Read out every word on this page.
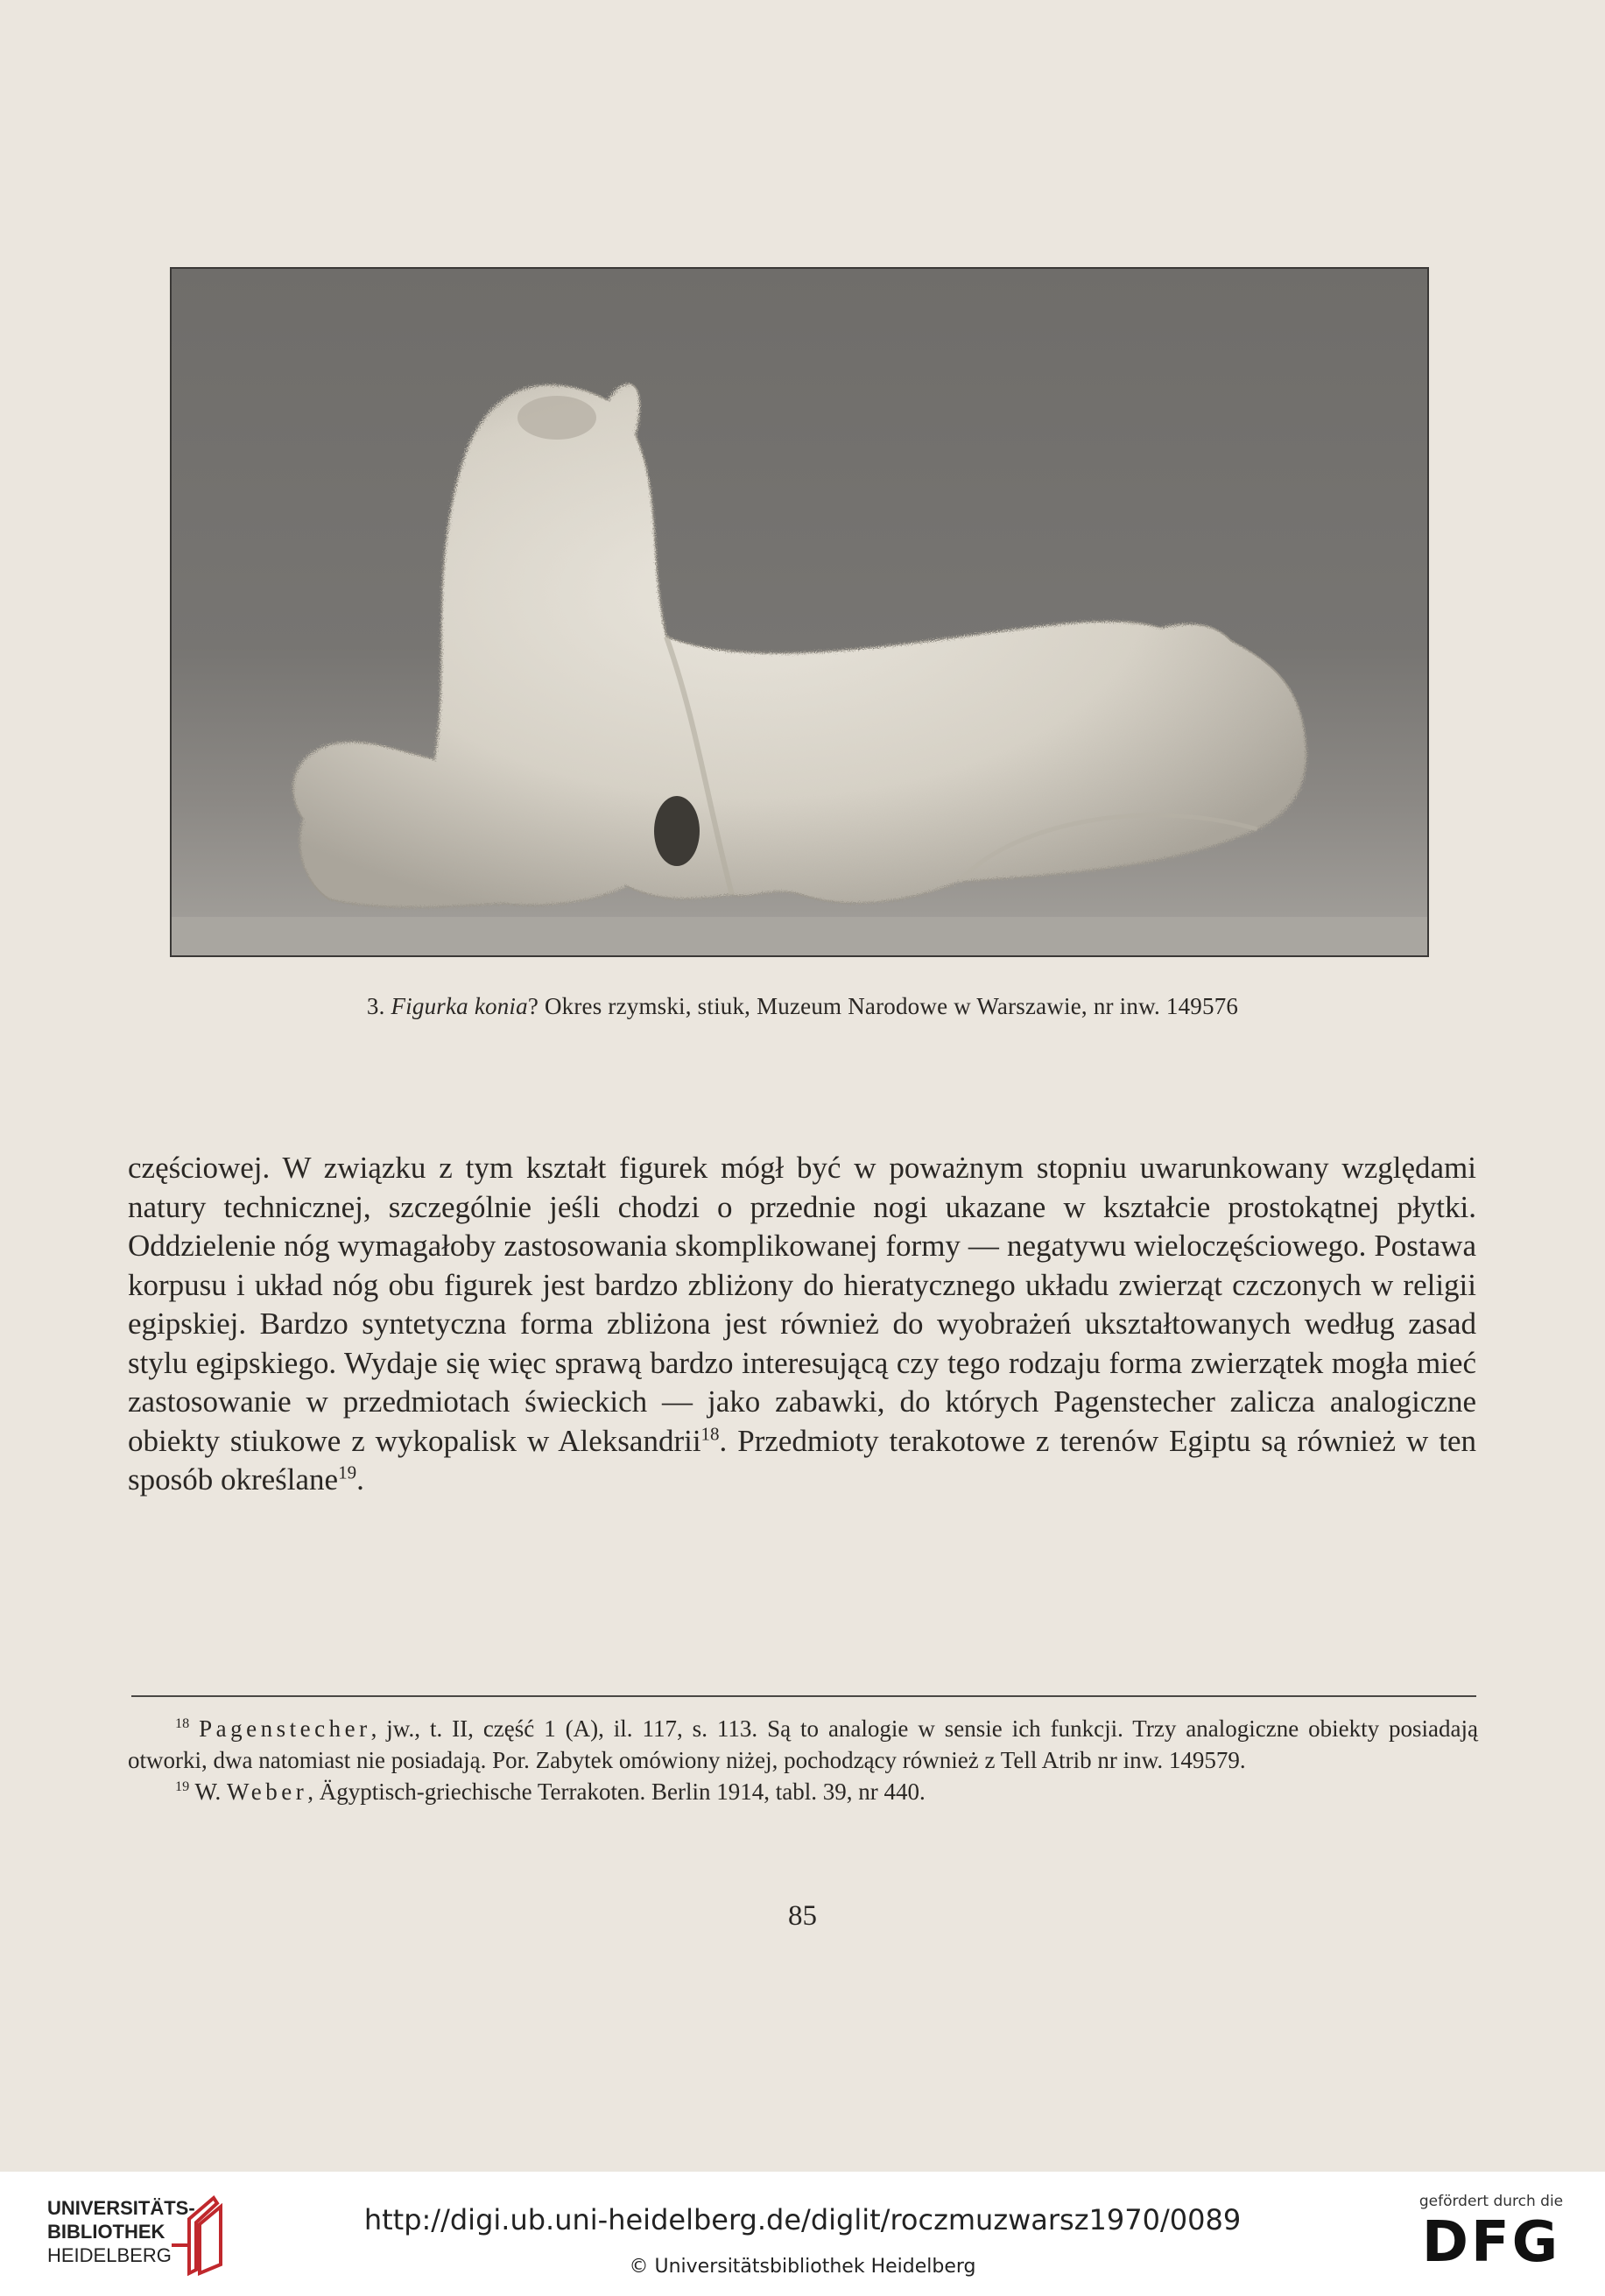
3. Figurka konia? Okres rzymski, stiuk, Muzeum Narodowe w Warszawie, nr inw. 149576

częściowej. W związku z tym kształt figurek mógł być w poważnym stopniu uwarunkowany względami natury technicznej, szczególnie jeśli chodzi o przednie nogi ukazane w kształcie prostokątnej płytki. Oddzielenie nóg wymagałoby zastosowania skomplikowanej formy — negatywu wieloczęściowego. Postawa korpusu i układ nóg obu figurek jest bardzo zbliżony do hieratycznego układu zwierząt czczonych w religii egipskiej. Bardzo syntetyczna forma zbliżona jest również do wyobrażeń ukształtowanych według zasad stylu egipskiego. Wydaje się więc sprawą bardzo interesującą czy tego rodzaju forma zwierzątek mogła mieć zastosowanie w przedmiotach świeckich — jako zabawki, do których Pagenstecher zalicza analogiczne obiekty stiukowe z wykopalisk w Aleksandrii$^{18}$. Przedmioty terakotowe z terenów Egiptu są również w ten sposób określane$^{19}$.

$^{18}$ Pagenstecher, jw., t. II, część 1 (A), il. 117, s. 113. Są to analogie w sensie ich funkcji. Trzy analogiczne obiekty posiadają otworki, dwa natomiast nie posiadają. Por. Zabytek omówiony niżej, pochodzący również z Tell Atrib nr inw. 149579.

$^{19}$ W. Weber, Ägyptisch-griechische Terrakoten. Berlin 1914, tabl. 39, nr 440.

85
UNIVERSITÄTS-
BIBLIOTHEK
HEIDELBERG
http://digi.ub.uni-heidelberg.de/diglit/roczmuzwarsz1970/0089
© Universitätsbibliothek Heidelberg
gefördert durch die
DFG
